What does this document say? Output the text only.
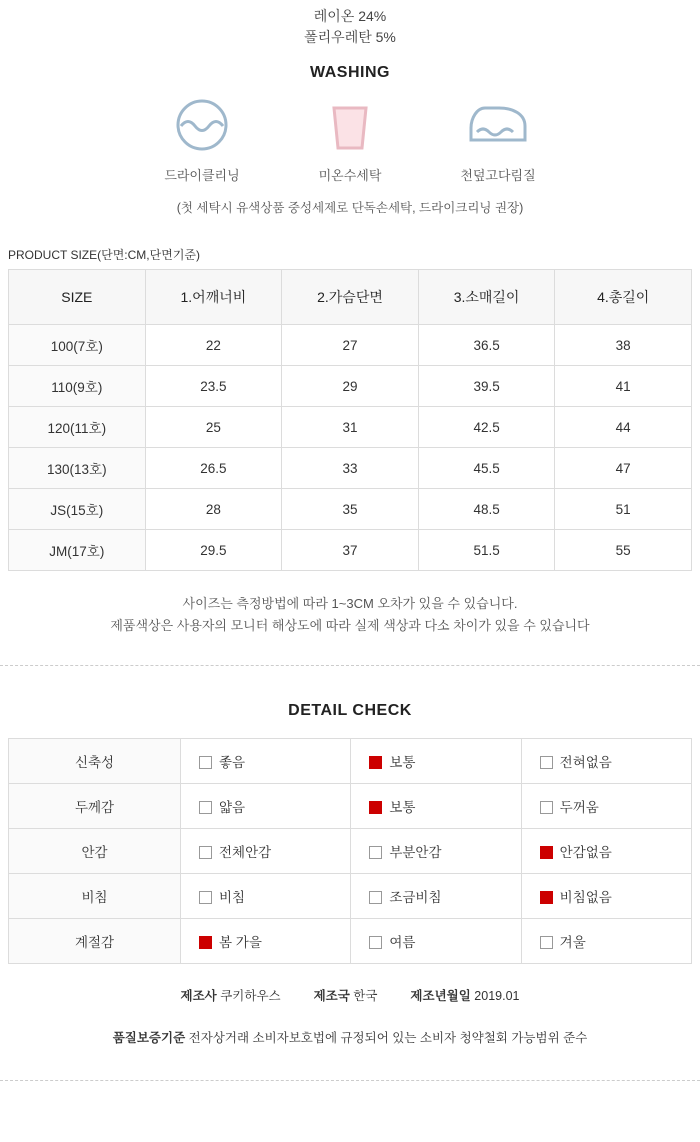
레이온 24%
폴리우레탄 5%
WASHING
드라이클리닝	미온수세탁	천덮고다림질
(첫 세탁시 유색상품 중성세제로 단독손세탁, 드라이크리닝 권장)
PRODUCT SIZE(단면:CM,단면기준)
SIZE	1.어깨너비	2.가슴단면	3.소매길이	4.총길이
100(7호)	22	27	36.5	38
110(9호)	23.5	29	39.5	41
120(11호)	25	31	42.5	44
130(13호)	26.5	33	45.5	47
JS(15호)	28	35	48.5	51
JM(17호)	29.5	37	51.5	55
사이즈는 측정방법에 따라 1~3CM 오차가 있을 수 있습니다.
제품색상은 사용자의 모니터 해상도에 따라 실제 색상과 다소 차이가 있을 수 있습니다
DETAIL CHECK
신축성	좋음	보통	전혀없음
두께감	얇음	보통	두꺼움
안감	전체안감	부분안감	안감없음
비침	비침	조금비침	비침없음
계절감	봄 가을	여름	겨울
제조사 쿠키하우스	제조국 한국	제조년월일 2019.01
품질보증기준 전자상거래 소비자보호법에 규정되어 있는 소비자 청약철회 가능범위 준수
